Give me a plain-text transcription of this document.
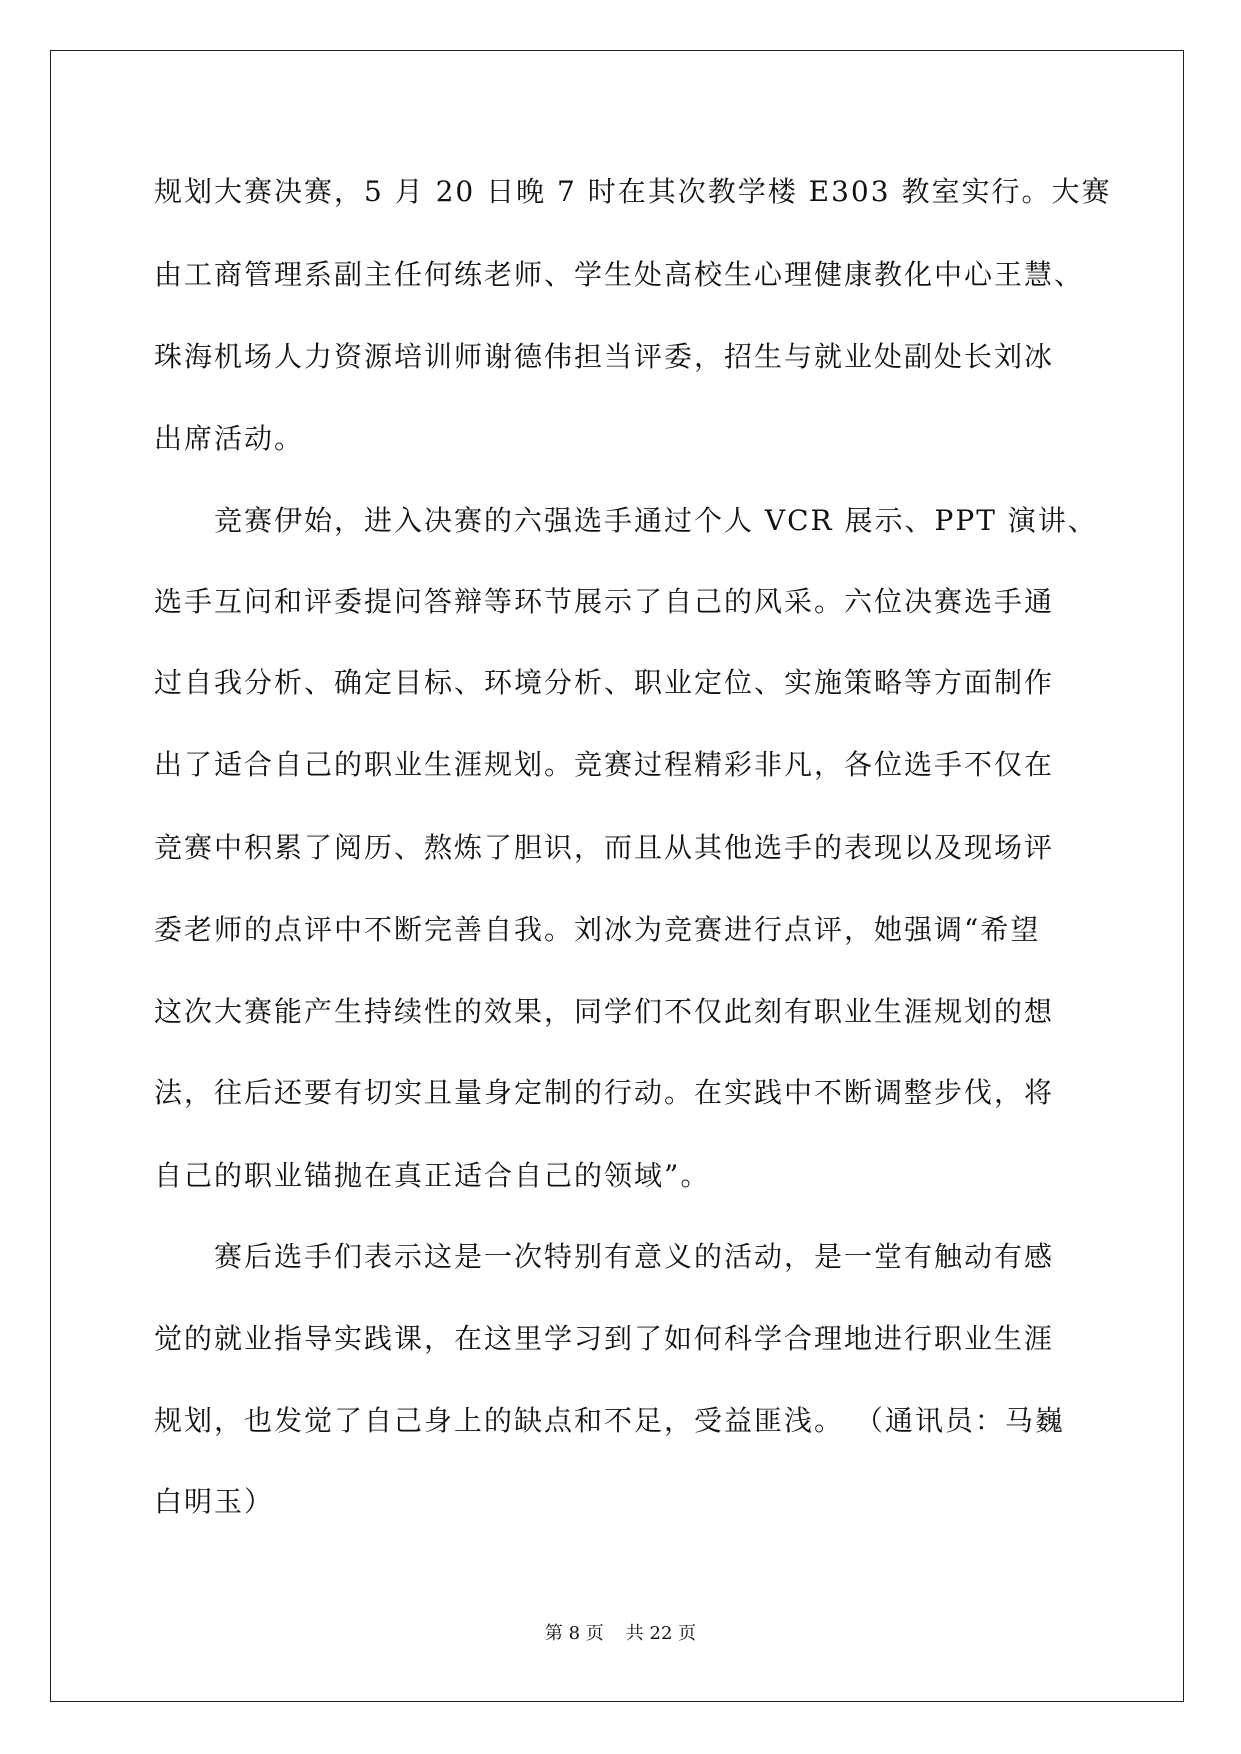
规划大赛决赛，5 月 20 日晚 7 时在其次教学楼 E303 教室实行。大赛
由工商管理系副主任何练老师、学生处高校生心理健康教化中心王慧、
珠海机场人力资源培训师谢德伟担当评委，招生与就业处副处长刘冰
出席活动。
竞赛伊始，进入决赛的六强选手通过个人 VCR 展示、PPT 演讲、
选手互问和评委提问答辩等环节展示了自己的风采。六位决赛选手通
过自我分析、确定目标、环境分析、职业定位、实施策略等方面制作
出了适合自己的职业生涯规划。竞赛过程精彩非凡，各位选手不仅在
竞赛中积累了阅历、熬炼了胆识，而且从其他选手的表现以及现场评
委老师的点评中不断完善自我。刘冰为竞赛进行点评，她强调“希望
这次大赛能产生持续性的效果，同学们不仅此刻有职业生涯规划的想
法，往后还要有切实且量身定制的行动。在实践中不断调整步伐，将
自己的职业锚抛在真正适合自己的领域”。
赛后选手们表示这是一次特别有意义的活动，是一堂有触动有感
觉的就业指导实践课，在这里学习到了如何科学合理地进行职业生涯
规划，也发觉了自己身上的缺点和不足，受益匪浅。 （通讯员：马巍
白明玉）
第 8 页 共 22 页
